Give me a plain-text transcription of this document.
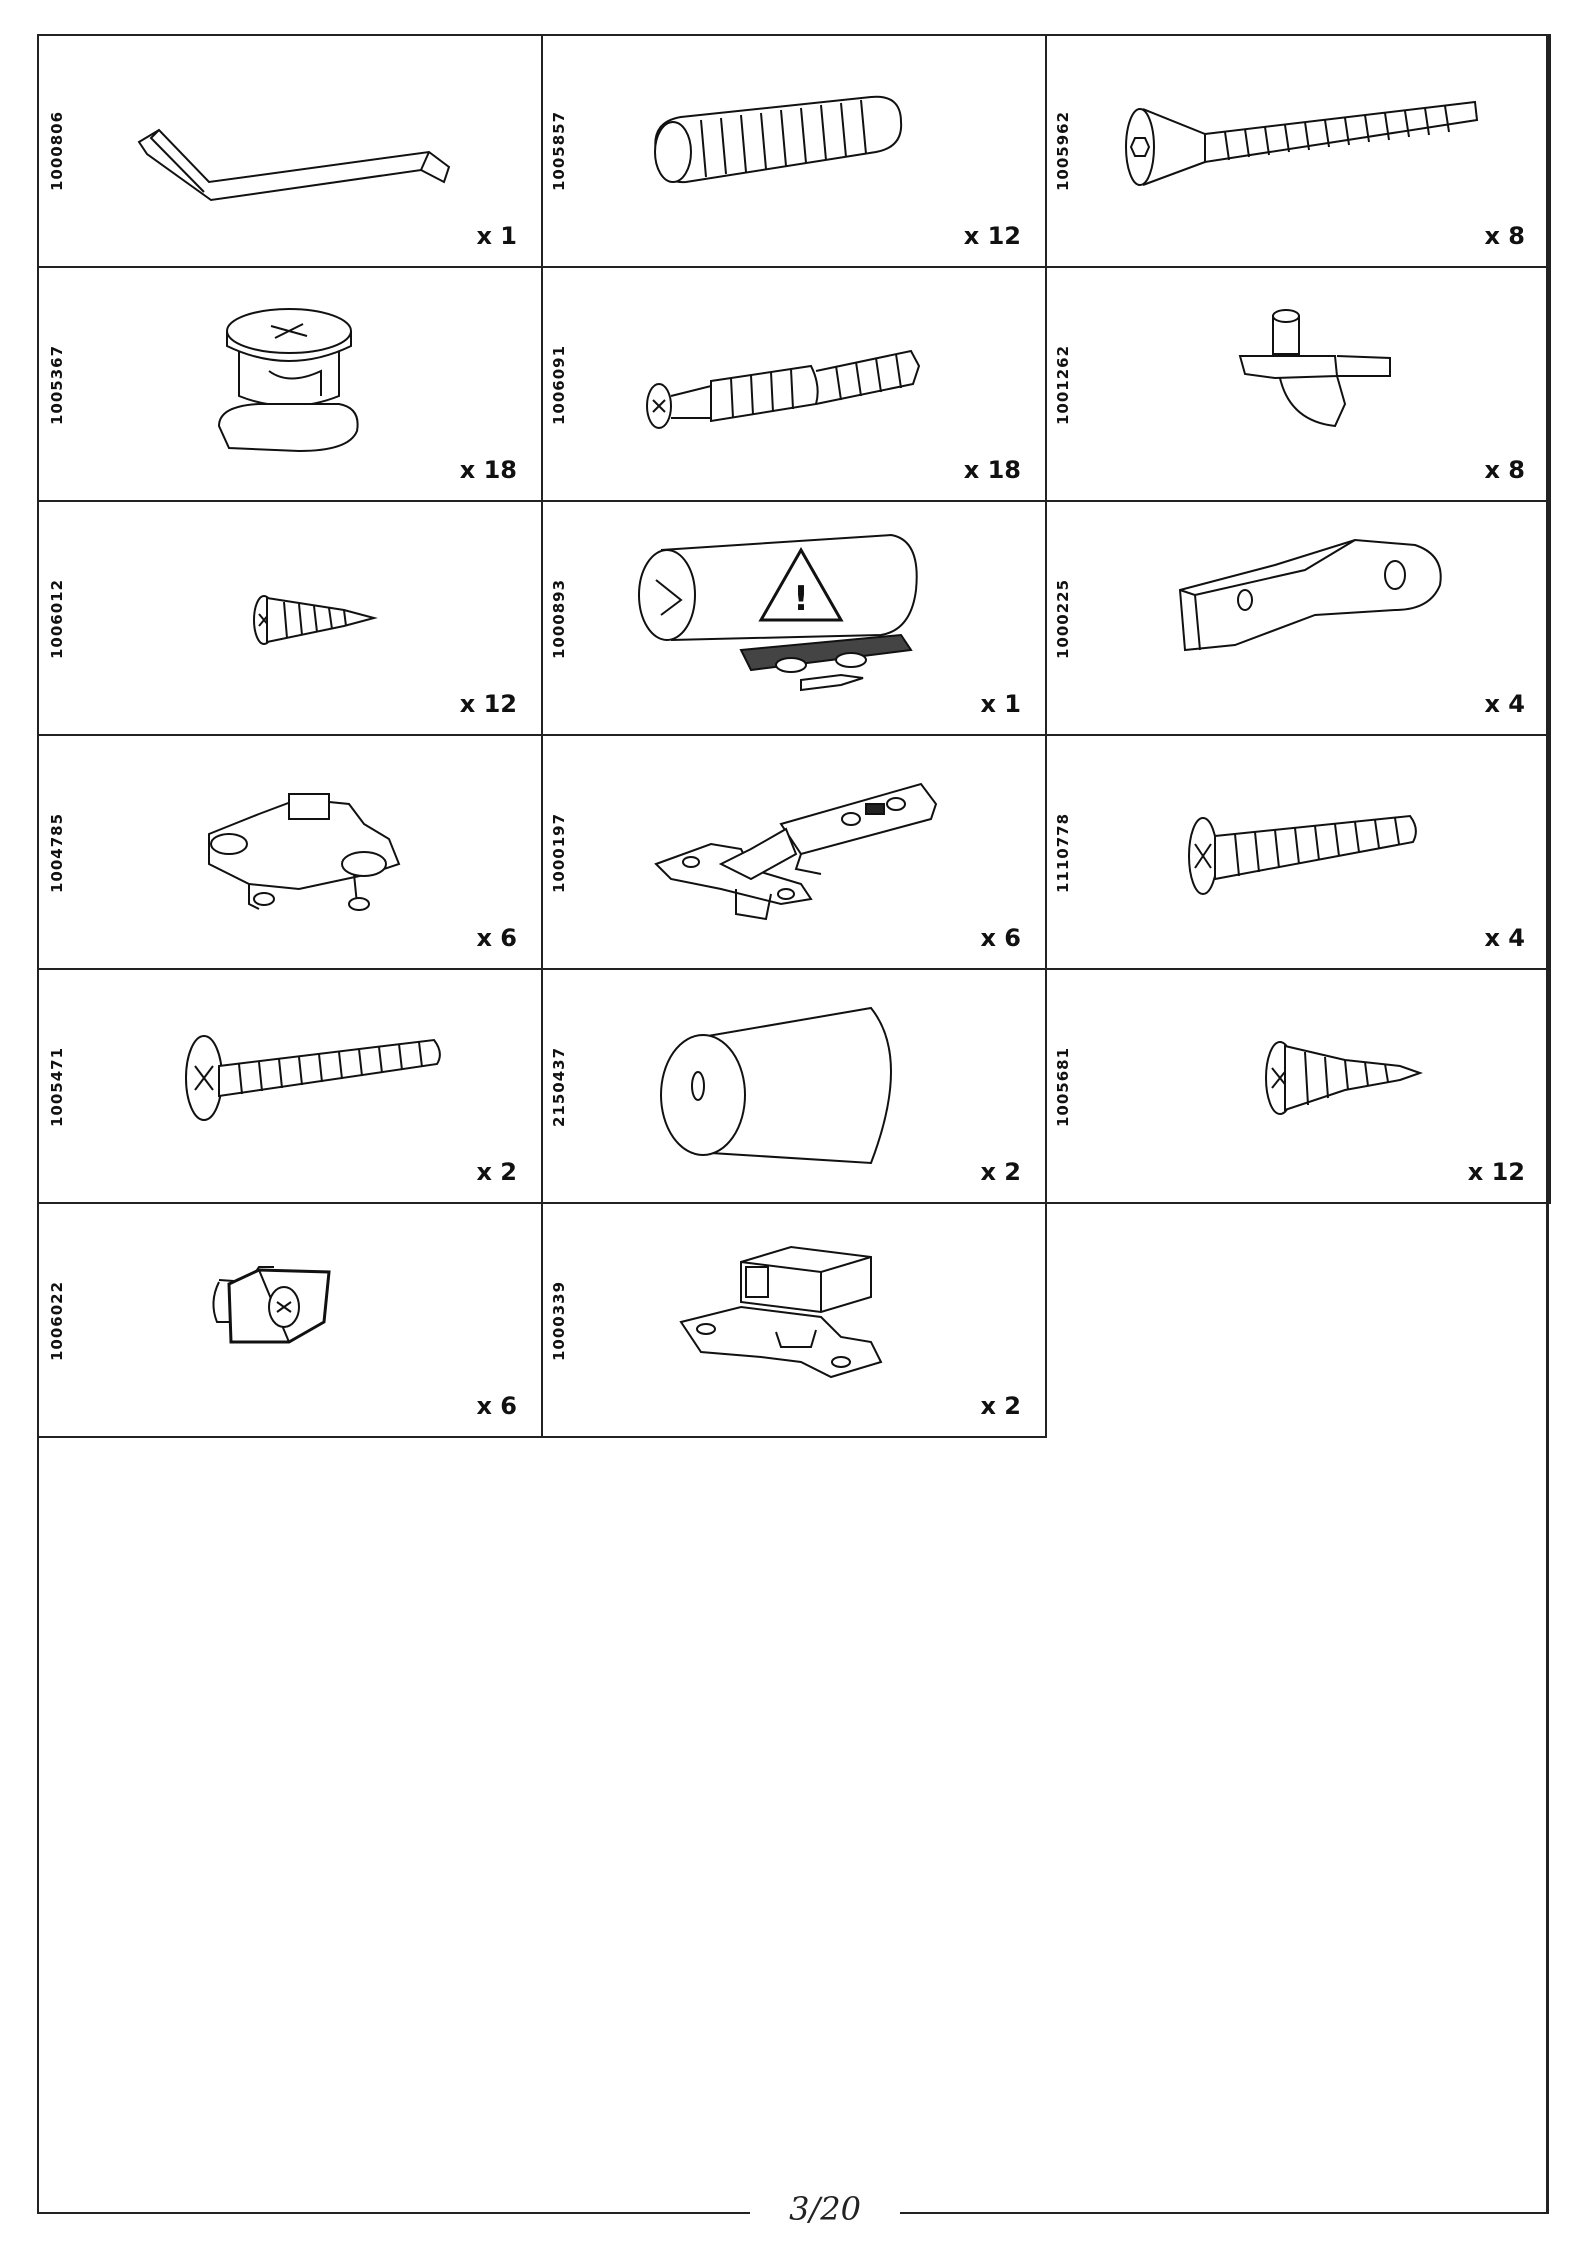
3/20
1000806
x 1
1005857
x 12
1005962
x 8
1005367
x 18
1006091
x 18
1001262
x 8
1006012
x 12
1000893	!
x 1
1000225
x 4
1004785
x 6
1000197
x 6
1110778
x 4
1005471
x 2
2150437
x 2
1005681
x 12
1006022
x 6
1000339
x 2
